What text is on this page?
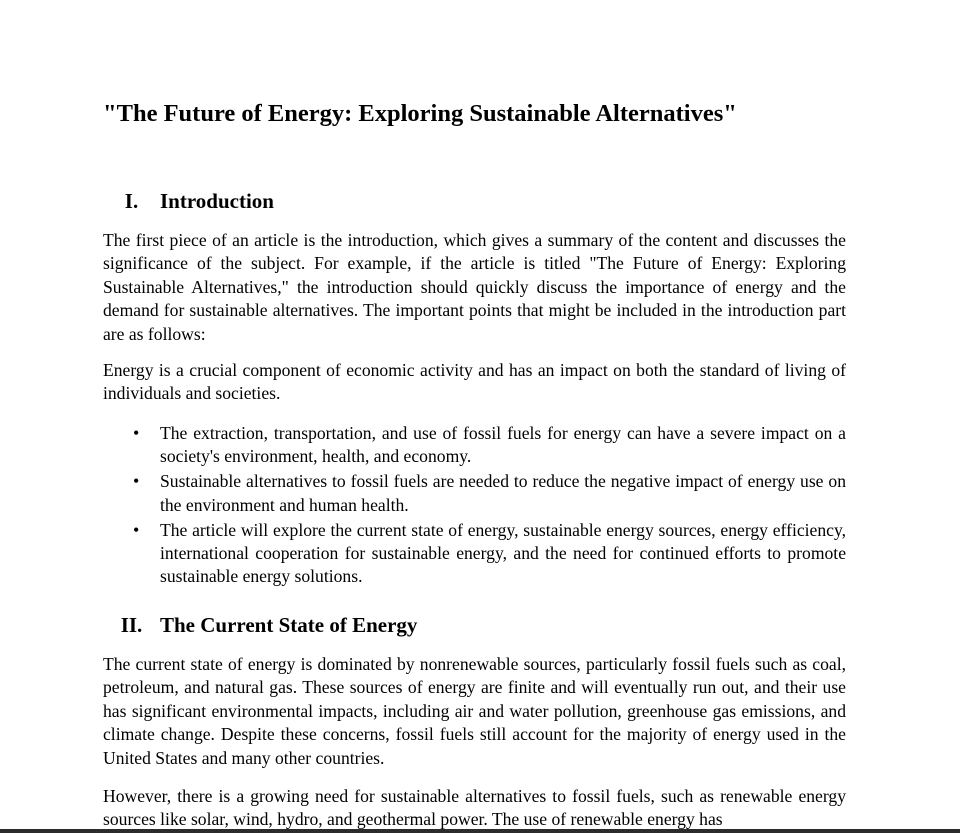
"The Future of Energy: Exploring Sustainable Alternatives"
I. Introduction

The first piece of an article is the introduction, which gives a summary of the content and discusses the significance of the subject. For example, if the article is titled "The Future of Energy: Exploring Sustainable Alternatives," the introduction should quickly discuss the importance of energy and the demand for sustainable alternatives. The important points that might be included in the introduction part are as follows:

Energy is a crucial component of economic activity and has an impact on both the standard of living of individuals and societies.

• The extraction, transportation, and use of fossil fuels for energy can have a severe impact on a society's environment, health, and economy.
• Sustainable alternatives to fossil fuels are needed to reduce the negative impact of energy use on the environment and human health.
• The article will explore the current state of energy, sustainable energy sources, energy efficiency, international cooperation for sustainable energy, and the need for continued efforts to promote sustainable energy solutions.
II. The Current State of Energy

The current state of energy is dominated by nonrenewable sources, particularly fossil fuels such as coal, petroleum, and natural gas. These sources of energy are finite and will eventually run out, and their use has significant environmental impacts, including air and water pollution, greenhouse gas emissions, and climate change. Despite these concerns, fossil fuels still account for the majority of energy used in the United States and many other countries.

However, there is a growing need for sustainable alternatives to fossil fuels, such as renewable energy sources like solar, wind, hydro, and geothermal power. The use of renewable energy has
